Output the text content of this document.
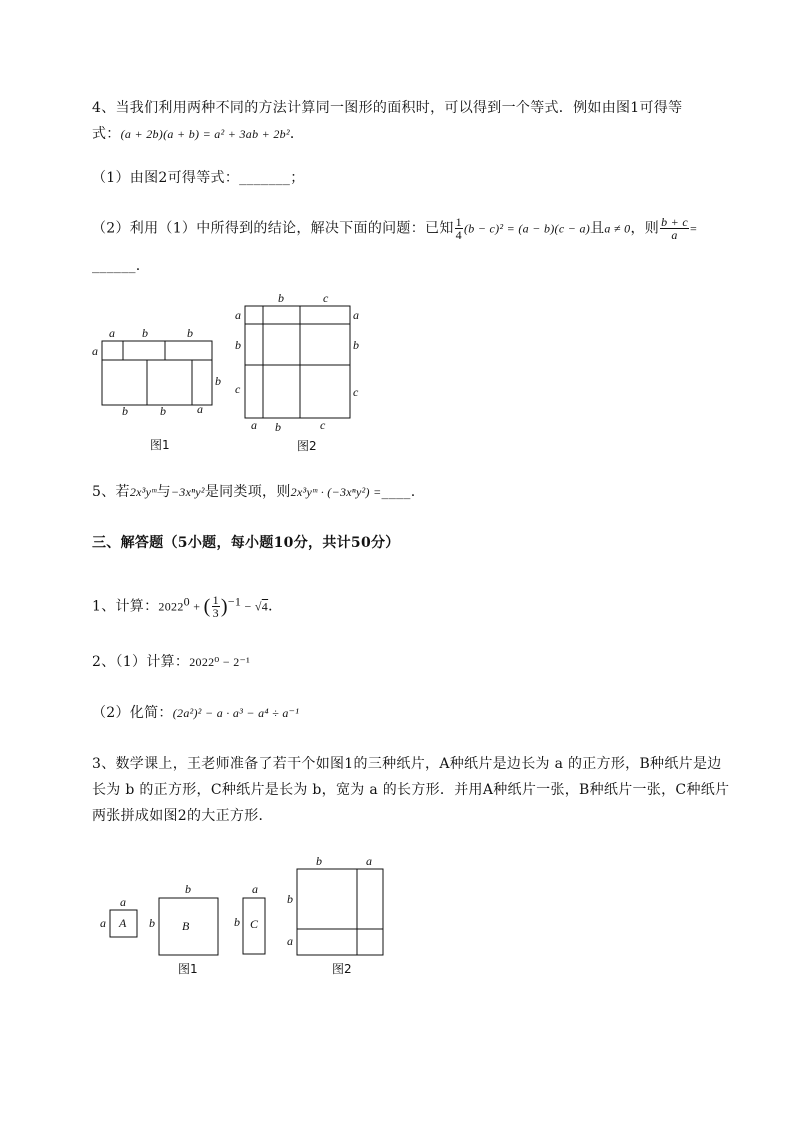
4、当我们利用两种不同的方法计算同一图形的面积时，可以得到一个等式．例如由图1可得等
式：(a + 2b)(a + b) = a² + 3ab + 2b²．
（1）由图2可得等式：_______；
（2）利用（1）中所得到的结论，解决下面的问题：已知 $\frac{1}{4} (b - c)^2 = (a - b)(c - a)$且a ≠ 0，则 $\frac{b + c}{a}$ =
______.
a b	b
a
b
b	b	a
图1
b	c
a
b
c
a
b
c
a b	c
图2
5、若2x³yᵐ与−3xⁿy²是同类项，则2x³yᵐ · (−3xⁿy²) =____.
三、解答题（5小题，每小题10分，共计50分）
1、计算：$2022^0$ + ( $\frac{1}{3} )^{-1} - √4$．
2、（1）计算：2022⁰ − 2⁻¹
（2）化简：(2a²)² − a · a³ − a⁴ ÷ a⁻¹
3、数学课上，王老师准备了若干个如图1的三种纸片，A种纸片是边长为 a 的正方形，B种纸片是边
长为 b 的正方形，C种纸片是长为 b，宽为 a 的长方形．并用A种纸片一张，B种纸片一张，C种纸片
两张拼成如图2的大正方形．
a
a A
b
b B
a
b C
图1
b	a
b
a
图2
